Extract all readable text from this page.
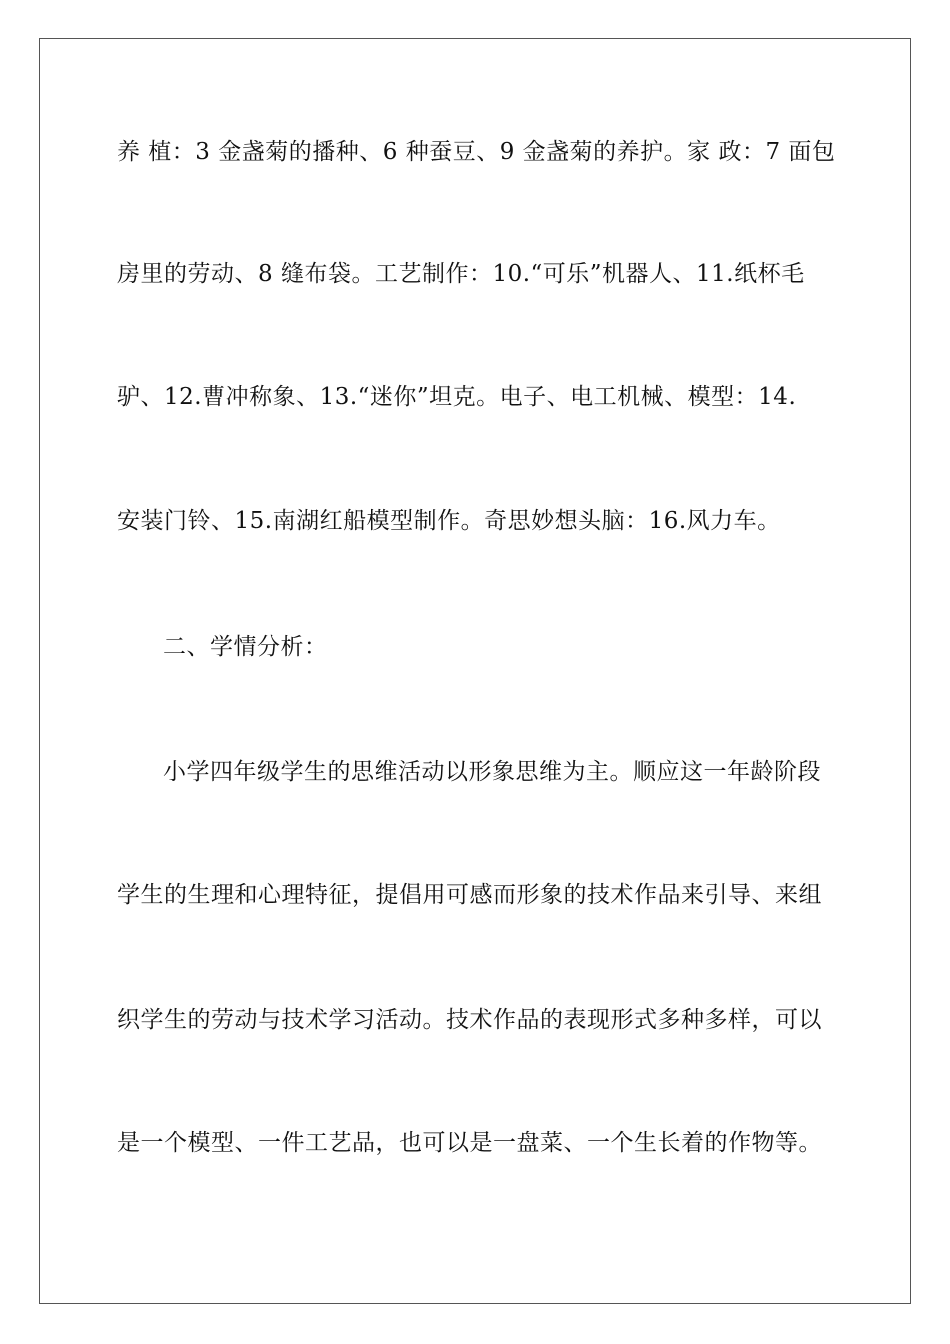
养 植：3 金盏菊的播种、6 种蚕豆、9 金盏菊的养护。家 政：7 面包
房里的劳动、8 缝布袋。工艺制作：10.“可乐”机器人、11.纸杯毛
驴、12.曹冲称象、13.“迷你”坦克。电子、电工机械、模型：14.
安装门铃、15.南湖红船模型制作。奇思妙想头脑：16.风力车。
二、学情分析：
小学四年级学生的思维活动以形象思维为主。顺应这一年龄阶段
学生的生理和心理特征，提倡用可感而形象的技术作品来引导、来组
织学生的劳动与技术学习活动。技术作品的表现形式多种多样，可以
是一个模型、一件工艺品，也可以是一盘菜、一个生长着的作物等。
